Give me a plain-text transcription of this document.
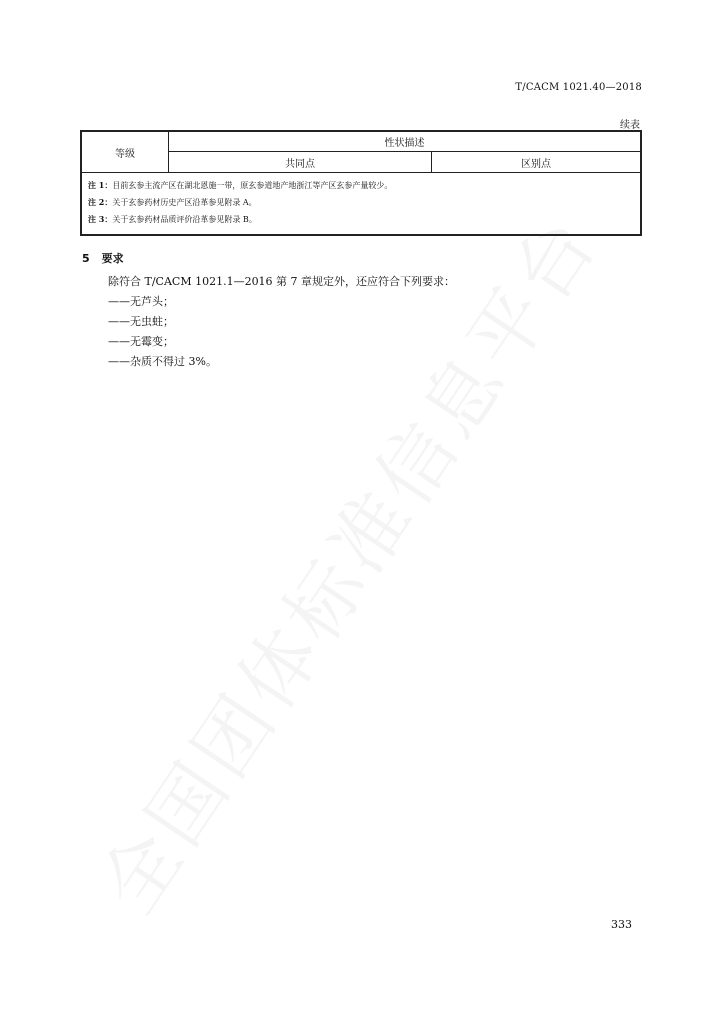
T/CACM 1021.40—2018
续表
等级	性状描述	
	共同点	区别点

注 1：目前玄参主流产区在湖北恩施一带，原玄参道地产地浙江等产区玄参产量较少。
注 2：关于玄参药材历史产区沿革参见附录 A。
注 3：关于玄参药材品质评价沿革参见附录 B。		
5 要求
除符合 T/CACM 1021.1—2016 第 7 章规定外，还应符合下列要求：
——无芦头；
——无虫蛀；
——无霉变；
——杂质不得过 3%。
333
